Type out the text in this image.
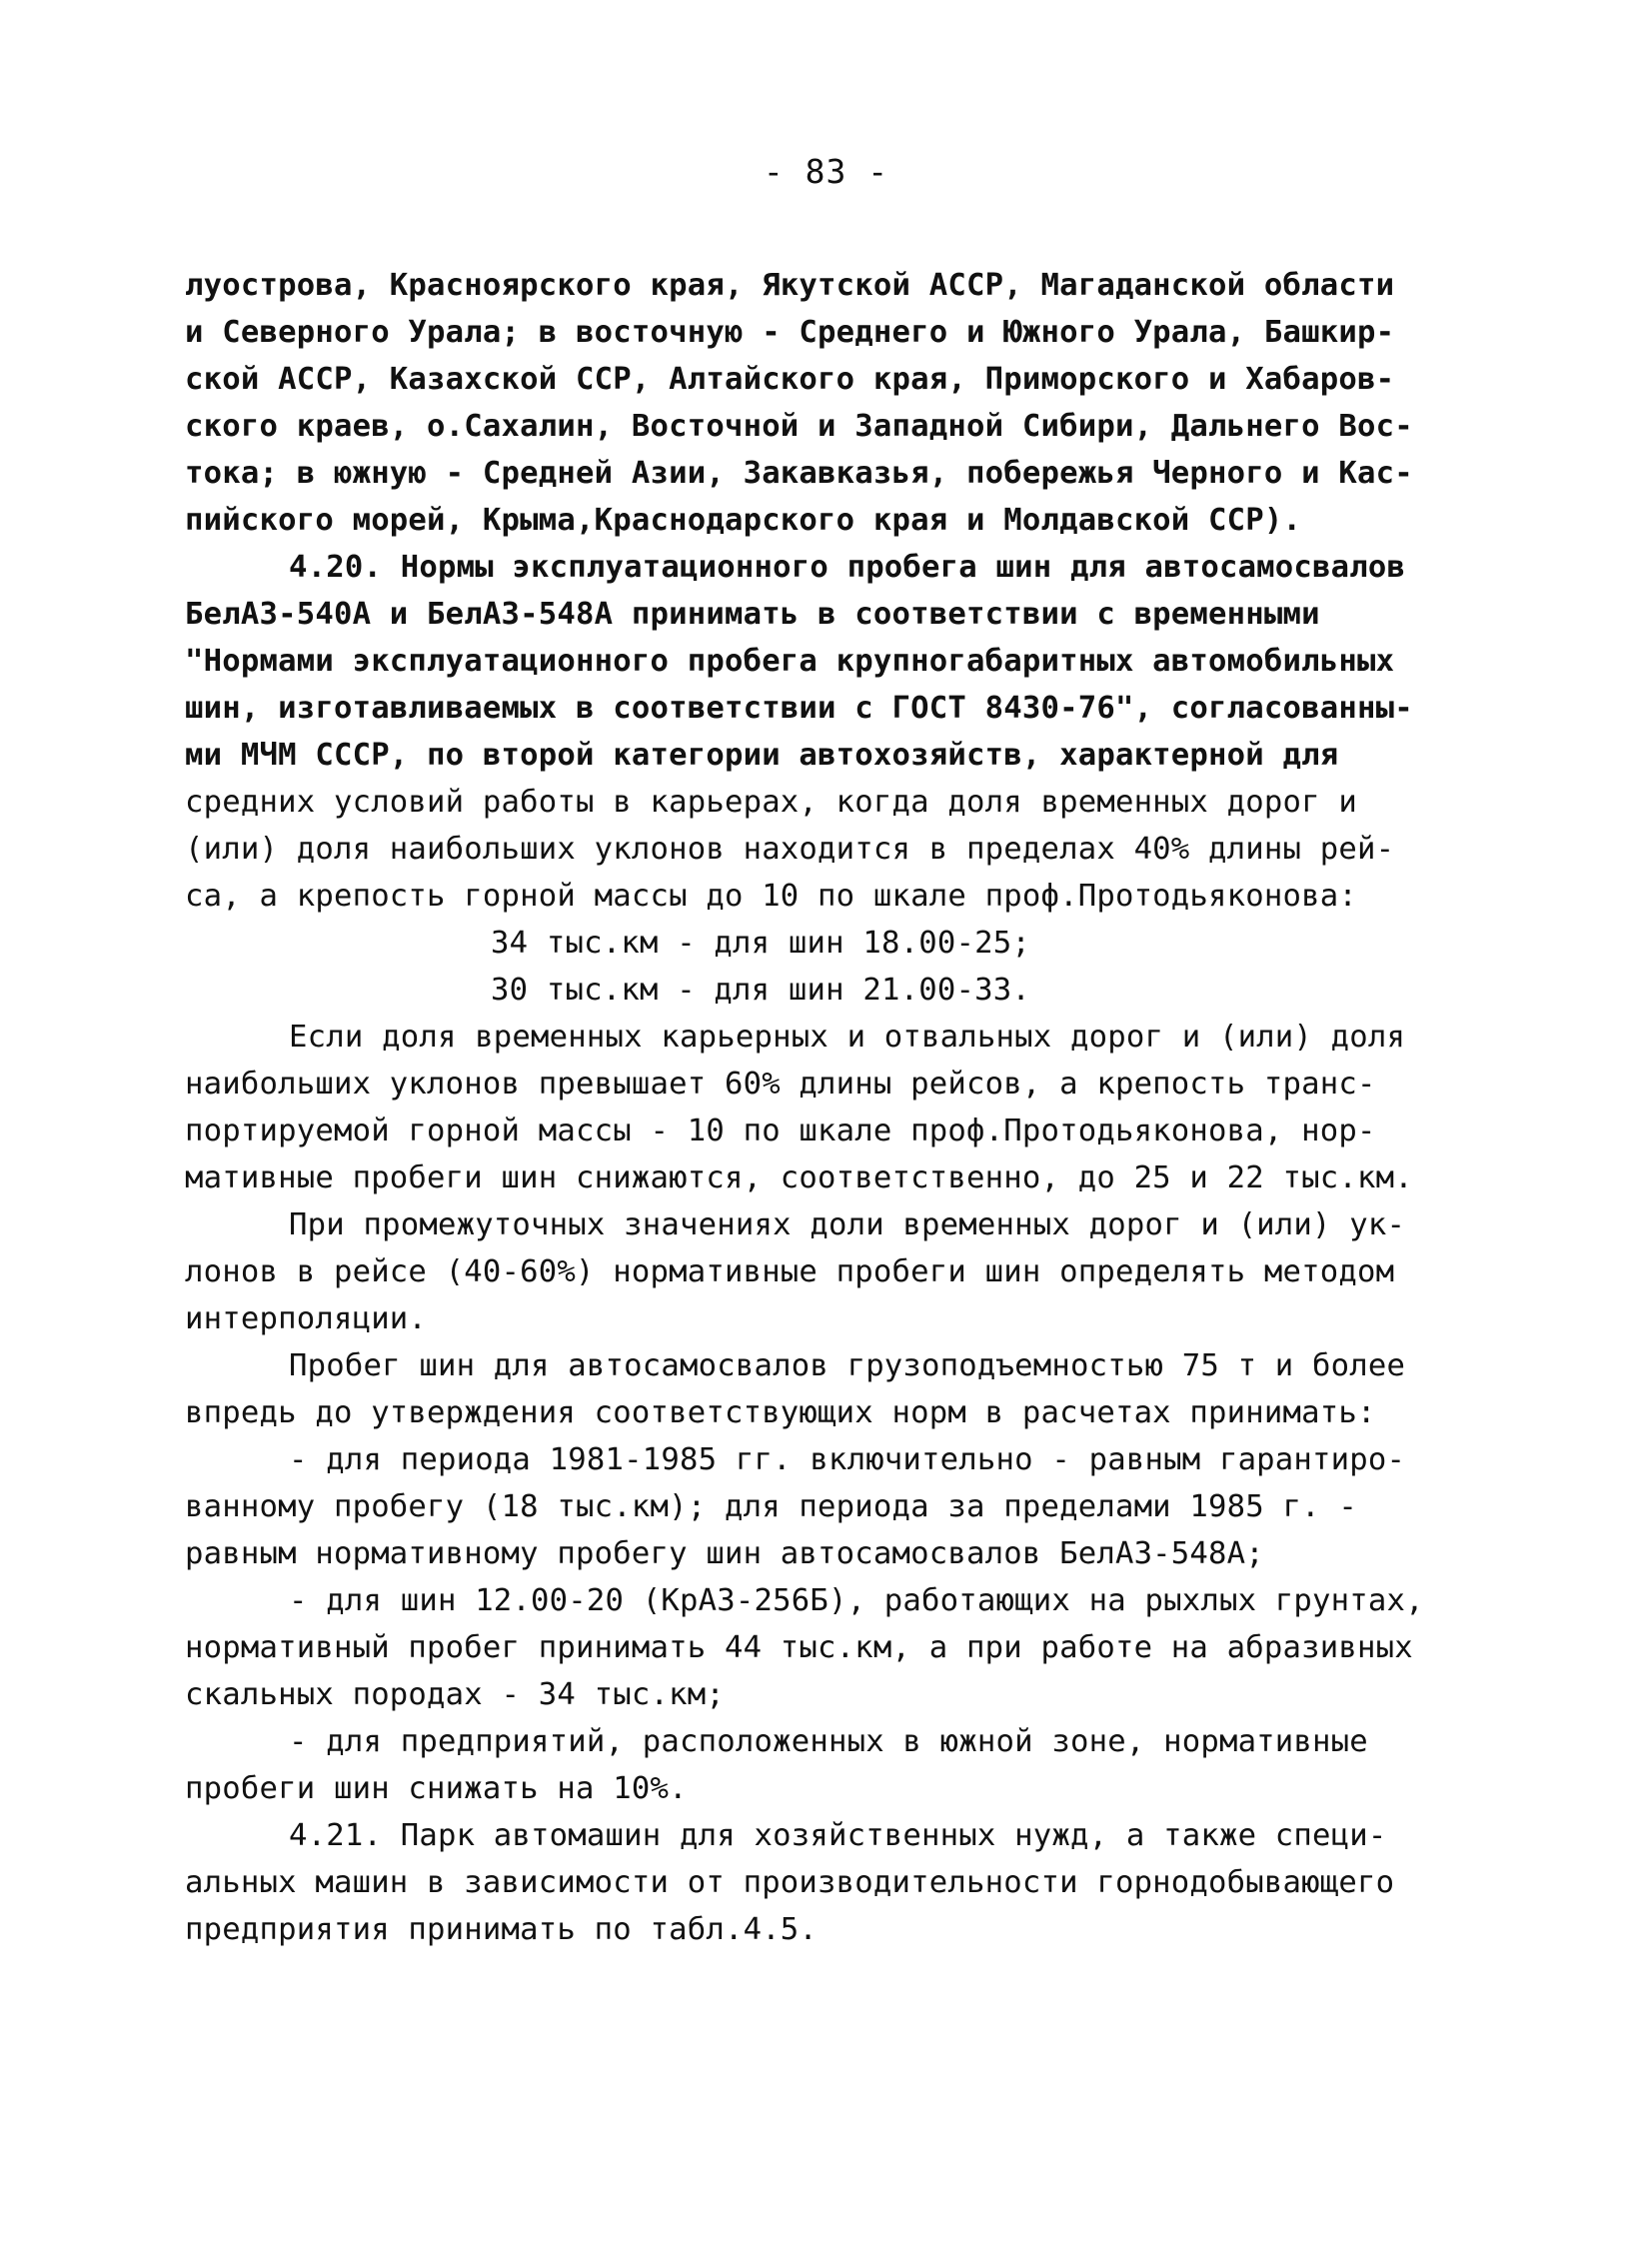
- 83 -
луострова, Красноярского края, Якутской АССР, Магаданской области
и Северного Урала; в восточную - Среднего и Южного Урала, Башкир-
ской АССР, Казахской ССР, Алтайского края, Приморского и Хабаров-
ского краев, о.Сахалин, Восточной и Западной Сибири, Дальнего Вос-
тока; в южную - Средней Азии, Закавказья, побережья Черного и Кас-
пийского морей, Крыма,Краснодарского края и Молдавской ССР).
4.20. Нормы эксплуатационного пробега шин для автосамосвалов
БелАЗ-540А и БелАЗ-548А принимать в соответствии с временными
"Нормами эксплуатационного пробега крупногабаритных автомобильных
шин, изготавливаемых в соответствии с ГОСТ 8430-76", согласованны-
ми МЧМ СССР, по второй категории автохозяйств, характерной для
средних условий работы в карьерах, когда доля временных дорог и
(или) доля наибольших уклонов находится в пределах 40% длины рей-
са, а крепость горной массы до 10 по шкале проф.Протодьяконова:
34 тыс.км - для шин 18.00-25;
30 тыс.км - для шин 21.00-33.
Если доля временных карьерных и отвальных дорог и (или) доля
наибольших уклонов превышает 60% длины рейсов, а крепость транс-
портируемой горной массы - 10 по шкале проф.Протодьяконова, нор-
мативные пробеги шин снижаются, соответственно, до 25 и 22 тыс.км.
При промежуточных значениях доли временных дорог и (или) ук-
лонов в рейсе (40-60%) нормативные пробеги шин определять методом
интерполяции.
Пробег шин для автосамосвалов грузоподъемностью 75 т и более
впредь до утверждения соответствующих норм в расчетах принимать:
- для периода 1981-1985 гг. включительно - равным гарантиро-
ванному пробегу (18 тыс.км); для периода за пределами 1985 г. -
равным нормативному пробегу шин автосамосвалов БелАЗ-548А;
- для шин 12.00-20 (КрАЗ-256Б), работающих на рыхлых грунтах,
нормативный пробег принимать 44 тыс.км, а при работе на абразивных
скальных породах - 34 тыс.км;
- для предприятий, расположенных в южной зоне, нормативные
пробеги шин снижать на 10%.
4.21. Парк автомашин для хозяйственных нужд, а также специ-
альных машин в зависимости от производительности горнодобывающего
предприятия принимать по табл.4.5.
